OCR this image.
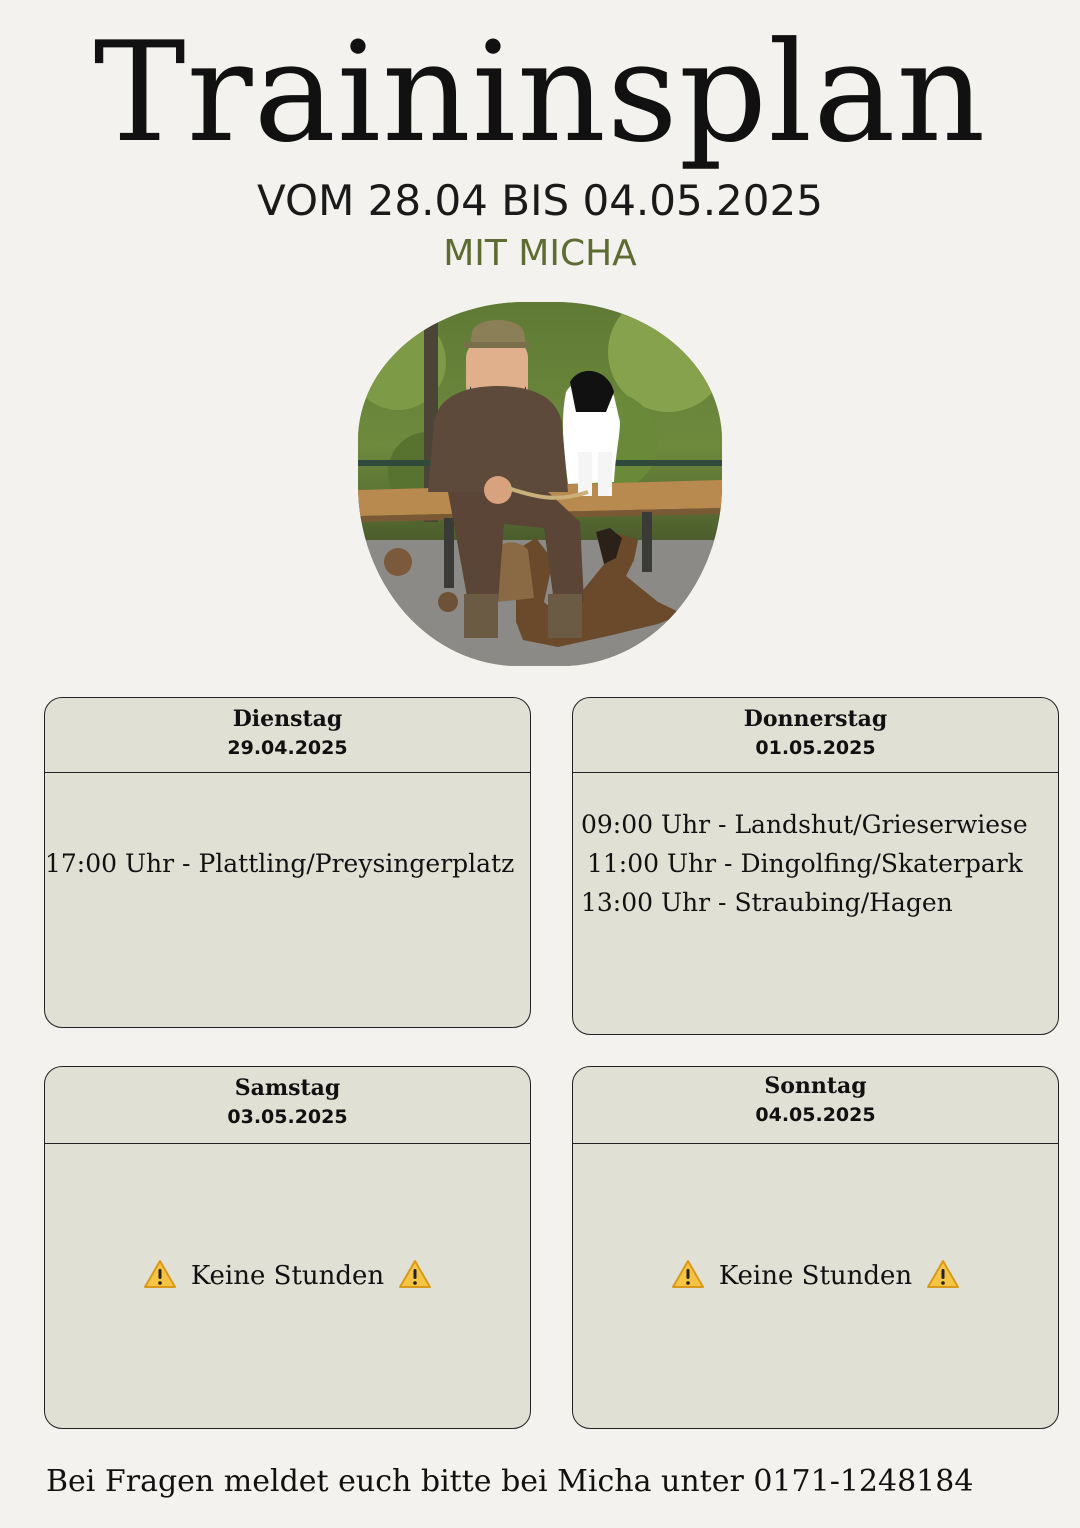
Traininsplan
VOM 28.04 BIS 04.05.2025
MIT MICHA
Dienstag
29.04.2025
17:00 Uhr - Plattling/Preysingerplatz
Donnerstag
01.05.2025
09:00 Uhr - Landshut/Grieserwiese
11:00 Uhr - Dingolfing/Skaterpark
13:00 Uhr - Straubing/Hagen
Samstag
03.05.2025
Keine Stunden
Sonntag
04.05.2025
Keine Stunden
Bei Fragen meldet euch bitte bei Micha unter 0171-1248184
